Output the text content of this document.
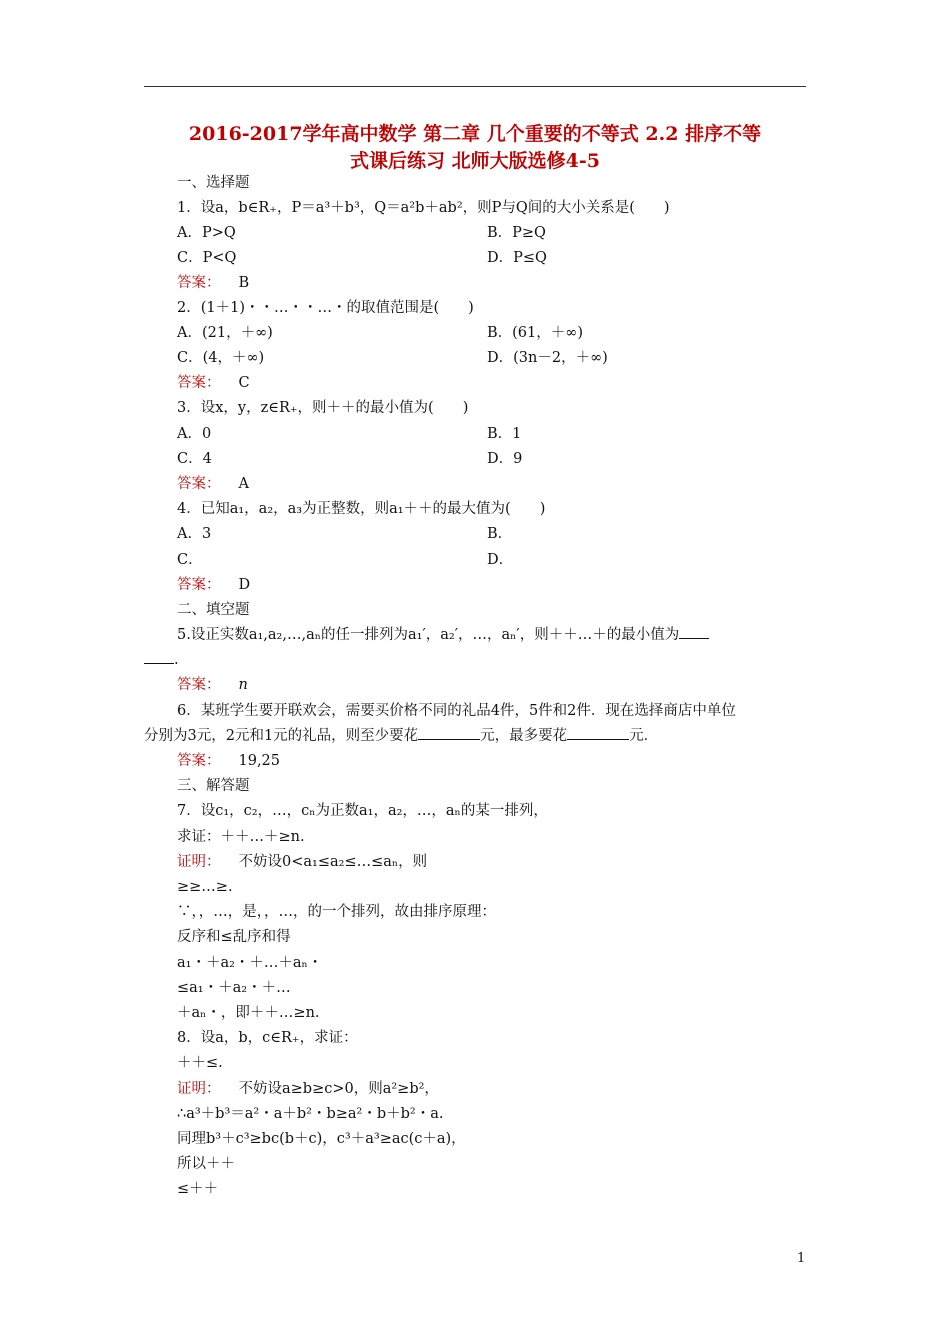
2016-2017学年高中数学 第二章 几个重要的不等式 2.2 排序不等
式课后练习 北师大版选修4-5
一、选择题
1．设a，b∈R₊，P＝a³＋b³，Q＝a²b＋ab²，则P与Q间的大小关系是(　　)
A．P>Q	B．P≥Q
C．P<Q	D．P≤Q
答案： B
2．(1＋1)・・…・・…・的取值范围是(　　)
A．(21，＋∞)	B．(61，＋∞)
C．(4，＋∞)	D．(3n－2，＋∞)
答案： C
3．设x，y，z∈R₊，则＋＋的最小值为(　　)
A．0	B．1
C．4	D．9
答案： A
4．已知a₁，a₂，a₃为正整数，则a₁＋＋的最大值为(　　)
A．3	B．
C．	D．
答案： D
二、填空题
5.设正实数a₁,a₂,…,aₙ的任一排列为a₁′，a₂′，…，aₙ′，则＋＋…＋的最小值为
.
答案： n
6．某班学生要开联欢会，需要买价格不同的礼品4件，5件和2件．现在选择商店中单位
分别为3元，2元和1元的礼品，则至少要花	元，最多要花	元．
答案： 19,25
三、解答题
7．设c₁，c₂，…，cₙ为正数a₁，a₂，…，aₙ的某一排列，
求证：＋＋…＋≥n.
证明： 不妨设0<a₁≤a₂≤…≤aₙ，则
≥≥…≥.
∵，，…，是，，…，的一个排列，故由排序原理：
反序和≤乱序和得
a₁・＋a₂・＋…＋aₙ・
≤a₁・＋a₂・＋…
＋aₙ・，即＋＋…≥n.
8．设a，b，c∈R₊，求证：
＋＋≤.
证明： 不妨设a≥b≥c>0，则a²≥b²，
∴a³＋b³＝a²・a＋b²・b≥a²・b＋b²・a.
同理b³＋c³≥bc(b＋c)，c³＋a³≥ac(c＋a)，
所以＋＋
≤＋＋
1
